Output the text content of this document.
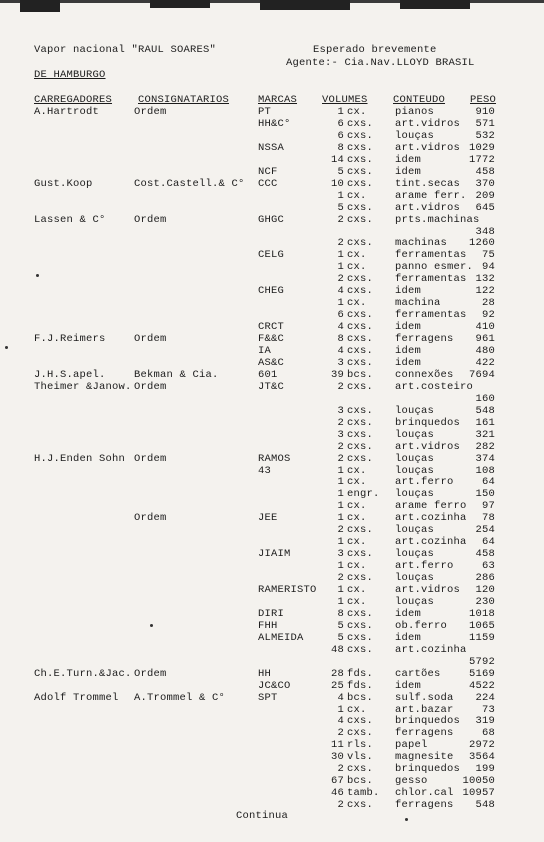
Vapor nacional "RAUL SOARES"	Esperado brevemente
Agente:- Cia.Nav.LLOYD BRASIL
DE HAMBURGO
CARREGADORES CONSIGNATARIOS	MARCAS VOLUMES CONTEUDO PESO
A.Hartrodt	Ordem	PT	1 cx.	pianos	910
HH&C°	6 cxs. art.vidros	571
6 cxs. louças	532
NSSA	8 cxs. art.vidros 1029
14 cxs. idem	1772
NCF	5 cxs. idem	458
Gust.Koop	Cost.Castell.& C° CCC	10 cxs. tint.secas	370
1 cx.	arame ferr. 209
5 cxs. art.vidros	645
Lassen & C°	Ordem	GHGC	2 cxs. prts.machinas
348
2 cxs. machinas	1260
CELG	1 cx.	ferramentas	75
1 cx.	panno esmer. 94
2 cxs. ferramentas 132
CHEG	4 cxs. idem	122
1 cx.	machina	28
6 cxs. ferramentas	92
CRCT	4 cxs. idem	410
F.J.Reimers	Ordem	F&&C	8 cxs. ferragens	961
IA	4 cxs. idem	480
AS&C	3 cxs. idem	422
J.H.S.apel.	Bekman & Cia.	601	39 bcs. connexões	7694
Theimer &Janow. Ordem	JT&C	2 cxs. art.costeiro
160
3 cxs. louças	548
2 cxs. brinquedos	161
3 cxs. louças	321
2 cxs. art.vidros	282
H.J.Enden Sohn Ordem	RAMOS	2 cxs. louças	374
43	1 cx.	louças	108
1 cx.	art.ferro	64
1 engr. louças	150
1 cx.	arame ferro	97
Ordem	JEE	1 cx.	art.cozinha	78
2 cxs. louças	254
1 cx.	art.cozinha	64
JIAIM	3 cxs. louças	458
1 cx.	art.ferro	63
2 cxs. louças	286
RAMERISTO	1 cx.	art.vidros	120
1 cx.	louças	230
DIRI	8 cxs. idem	1018
FHH	5 cxs. ob.ferro	1065
ALMEIDA	5 cxs. idem	1159
48 cxs. art.cozinha
5792
Ch.E.Turn.&Jac. Ordem	HH	28 fds. cartões	5169
JC&CO	25 fds. idem	4522
Adolf Trommel A.Trommel & C°	SPT	4 bcs. sulf.soda	224
1 cx.	art.bazar	73
4 cxs. brinquedos	319
2 cxs. ferragens	68
11 rls. papel	2972
30 vls. magnesite	3564
2 cxs. brinquedos	199
67 bcs. gesso	10050
46 tamb. chlor.cal 10957
2 cxs. ferragens	548
Continua
